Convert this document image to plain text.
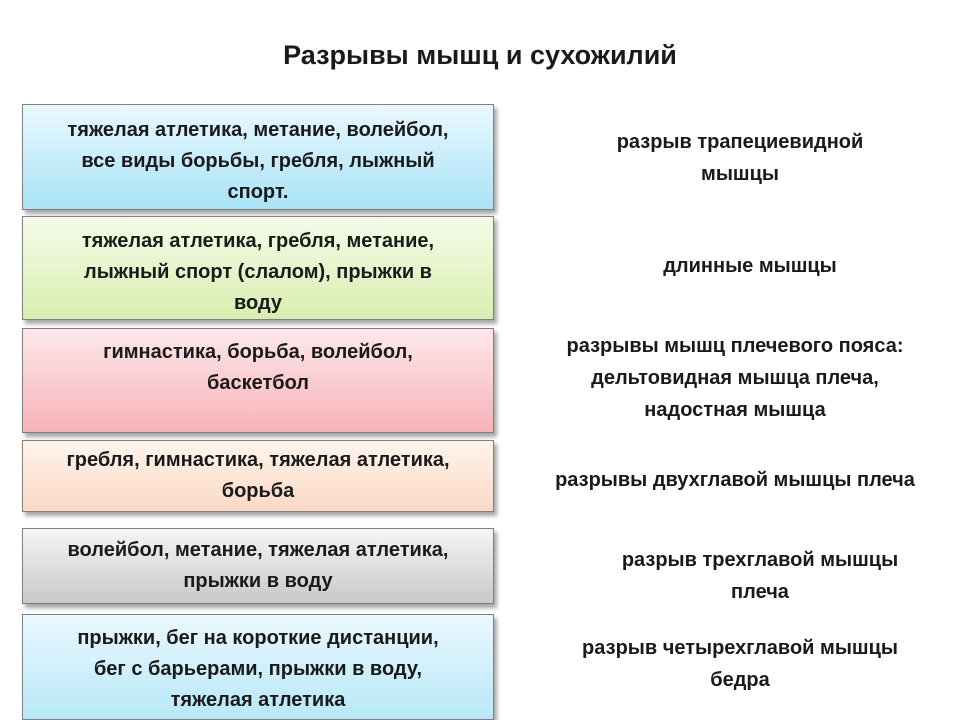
Разрывы мышц и сухожилий
тяжелая атлетика, метание, волейбол,
все виды борьбы, гребля, лыжный
спорт.
разрыв трапециевидной
мышцы
тяжелая атлетика, гребля, метание,
лыжный спорт (слалом), прыжки в
воду
длинные мышцы
гимнастика, борьба, волейбол,
баскетбол
разрывы мышц плечевого пояса:
дельтовидная мышца плеча,
надостная мышца
гребля, гимнастика, тяжелая атлетика,
борьба	разрывы двухглавой мышцы плеча
волейбол, метание, тяжелая атлетика,
прыжки в воду
разрыв трехглавой мышцы
плеча
прыжки, бег на короткие дистанции,
бег с барьерами, прыжки в воду,
тяжелая атлетика
разрыв четырехглавой мышцы
бедра
